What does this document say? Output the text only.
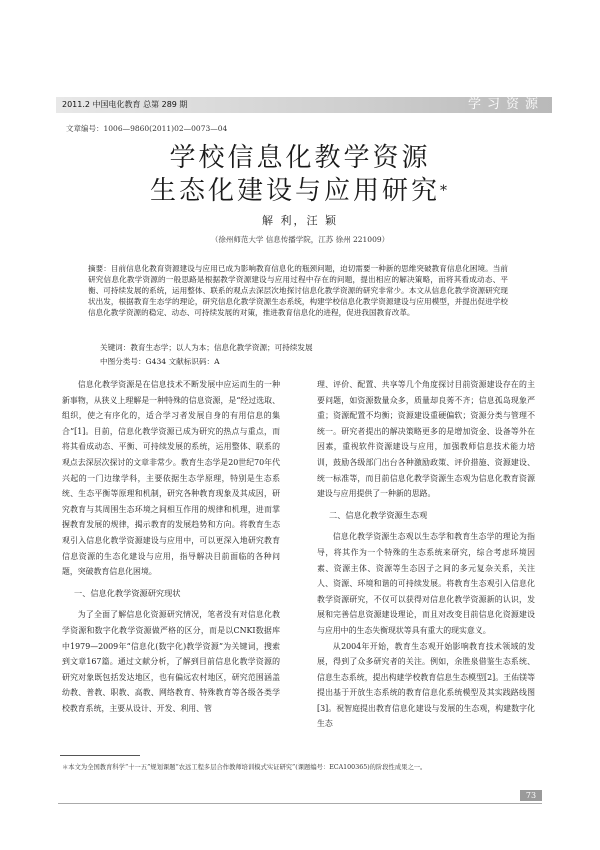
2011.2 中国电化教育 总第 289 期	学习资源
文章编号：1006—9860(2011)02—0073—04
学校信息化教学资源
生态化建设与应用研究*
解 利，汪 颖
（徐州师范大学 信息传播学院，江苏 徐州 221009）
摘要：目前信息化教育资源建设与应用已成为影响教育信息化的瓶颈问题，迫切需要一种新的思维突破教育信息化困境。当前研究信息化教学资源的一般思路是根据教学资源建设与应用过程中存在的问题，提出相应的解决策略，而将其看成动态、平衡、可持续发展的系统，运用整体、联系的观点去深层次地探讨信息化教学资源的研究非常少。本文从信息化教学资源研究现状出发，根据教育生态学的理论，研究信息化教学资源生态系统，构建学校信息化教学资源建设与应用模型，并提出促进学校信息化教学资源的稳定、动态、可持续发展的对策，推进教育信息化的进程，促进我国教育改革。
关键词：教育生态学；以人为本；信息化教学资源；可持续发展
中图分类号：G434 文献标识码：A

信息化教学资源是在信息技术不断发展中应运而生的一种新事物，从狭义上理解是一种特殊的信息资源，是“经过选取、组织，使之有序化的，适合学习者发展自身的有用信息的集合”[1]。目前，信息化教学资源已成为研究的热点与重点，而将其看成动态、平衡、可持续发展的系统，运用整体、联系的观点去深层次探讨的文章非常少。教育生态学是20世纪70年代兴起的一门边缘学科，主要依据生态学原理，特别是生态系统、生态平衡等原理和机制，研究各种教育现象及其成因，研究教育与其周围生态环境之间相互作用的规律和机理，进而掌握教育发展的规律，揭示教育的发展趋势和方向。将教育生态观引入信息化教学资源建设与应用中，可以更深入地研究教育信息资源的生态化建设与应用，指导解决目前面临的各种问题，突破教育信息化困境。

一、信息化教学资源研究现状

为了全面了解信息化资源研究情况，笔者没有对信息化教学资源和数字化教学资源做严格的区分，而是以CNKI数据库中1979—2009年“信息化(数字化)教学资源”为关键词，搜索到文章167篇。通过文献分析，了解到目前信息化教学资源的研究对象既包括发达地区，也有偏远农村地区，研究范围涵盖幼教、普教、职教、高教、网络教育、特殊教育等各级各类学校教育系统，主要从设计、开发、利用、管

理、评价、配置、共享等几个角度探讨目前资源建设存在的主要问题，如资源数量众多，质量却良莠不齐；信息孤岛现象严重；资源配置不均衡；资源建设重硬偏软；资源分类与管理不统一。研究者提出的解决策略更多的是增加资金、设备等外在因素，重视软件资源建设与应用，加强教师信息技术能力培训，鼓励各级部门出台各种激励政策、评价措施、资源建设、统一标准等，而目前信息化教学资源生态观为信息化教育资源建设与应用提供了一种新的思路。

二、信息化教学资源生态观

信息化教学资源生态观以生态学和教育生态学的理论为指导，将其作为一个特殊的生态系统来研究，综合考虑环境因素、资源主体、资源等生态因子之间的多元复杂关系，关注人、资源、环境和谐的可持续发展。将教育生态观引入信息化教学资源研究，不仅可以获得对信息化教学资源新的认识，发展和完善信息资源建设理论，而且对改变目前信息化资源建设与应用中的生态失衡现状等具有重大的现实意义。

从2004年开始，教育生态观开始影响教育技术领域的发展，得到了众多研究者的关注。例如，余胜泉借鉴生态系统、信息生态系统，提出构建学校教育信息生态模型[2]。王佑镁等提出基于开放生态系统的教育信息化系统模型及其实践路线图[3]。祝智庭提出教育信息化建设与发展的生态观，构建数字化生态

＊本文为全国教育科学“十一五”规划课题“农远工程多层合作教师培训模式实证研究”(课题编号：ECA100365)的阶段性成果之一。
73
